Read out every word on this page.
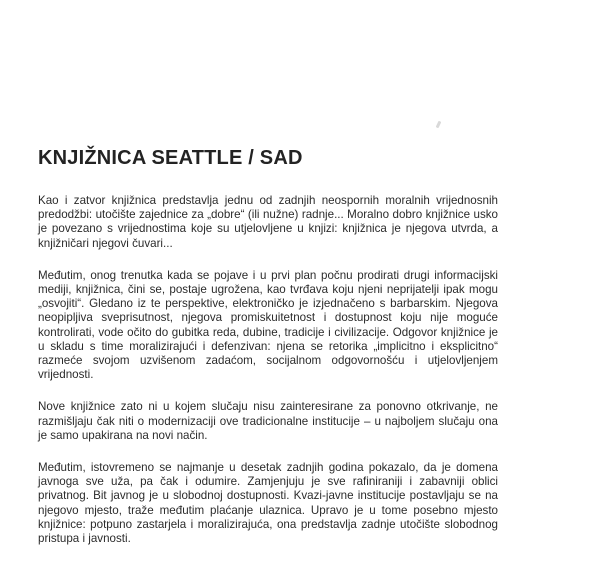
KNJIŽNICA SEATTLE / SAD

Kao i zatvor knjižnica predstavlja jednu od zadnjih neospornih moralnih vrijednosnih predodžbi: utočište zajednice za „dobre“ (ili nužne) radnje... Moralno dobro knjižnice usko je povezano s vrijednostima koje su utjelovljene u knjizi: knjižnica je njegova utvrda, a knjižničari njegovi čuvari...

Međutim, onog trenutka kada se pojave i u prvi plan počnu prodirati drugi informacijski mediji, knjižnica, čini se, postaje ugrožena, kao tvrđava koju njeni neprijatelji ipak mogu „osvojiti“. Gledano iz te perspektive, elektroničko je izjednačeno s barbarskim. Njegova neopipljiva sveprisutnost, njegova promiskuitetnost i dostupnost koju nije moguće kontrolirati, vode očito do gubitka reda, dubine, tradicije i civilizacije. Odgovor knjižnice je u skladu s time moralizirajući i defenzivan: njena se retorika „implicitno i eksplicitno“ razmeće svojom uzvišenom zadaćom, socijalnom odgovornošću i utjelovljenjem vrijednosti.

Nove knjižnice zato ni u kojem slučaju nisu zainteresirane za ponovno otkrivanje, ne razmišljaju čak niti o modernizaciji ove tradicionalne institucije – u najboljem slučaju ona je samo upakirana na novi način.

Međutim, istovremeno se najmanje u desetak zadnjih godina pokazalo, da je domena javnoga sve uža, pa čak i odumire. Zamjenjuju je sve rafiniraniji i zabavniji oblici privatnog. Bit javnog je u slobodnoj dostupnosti. Kvazi-javne institucije postavljaju se na njegovo mjesto, traže međutim plaćanje ulaznica. Upravo je u tome posebno mjesto knjižnice: potpuno zastarjela i moralizirajuća, ona predstavlja zadnje utočište slobodnog pristupa i javnosti.
